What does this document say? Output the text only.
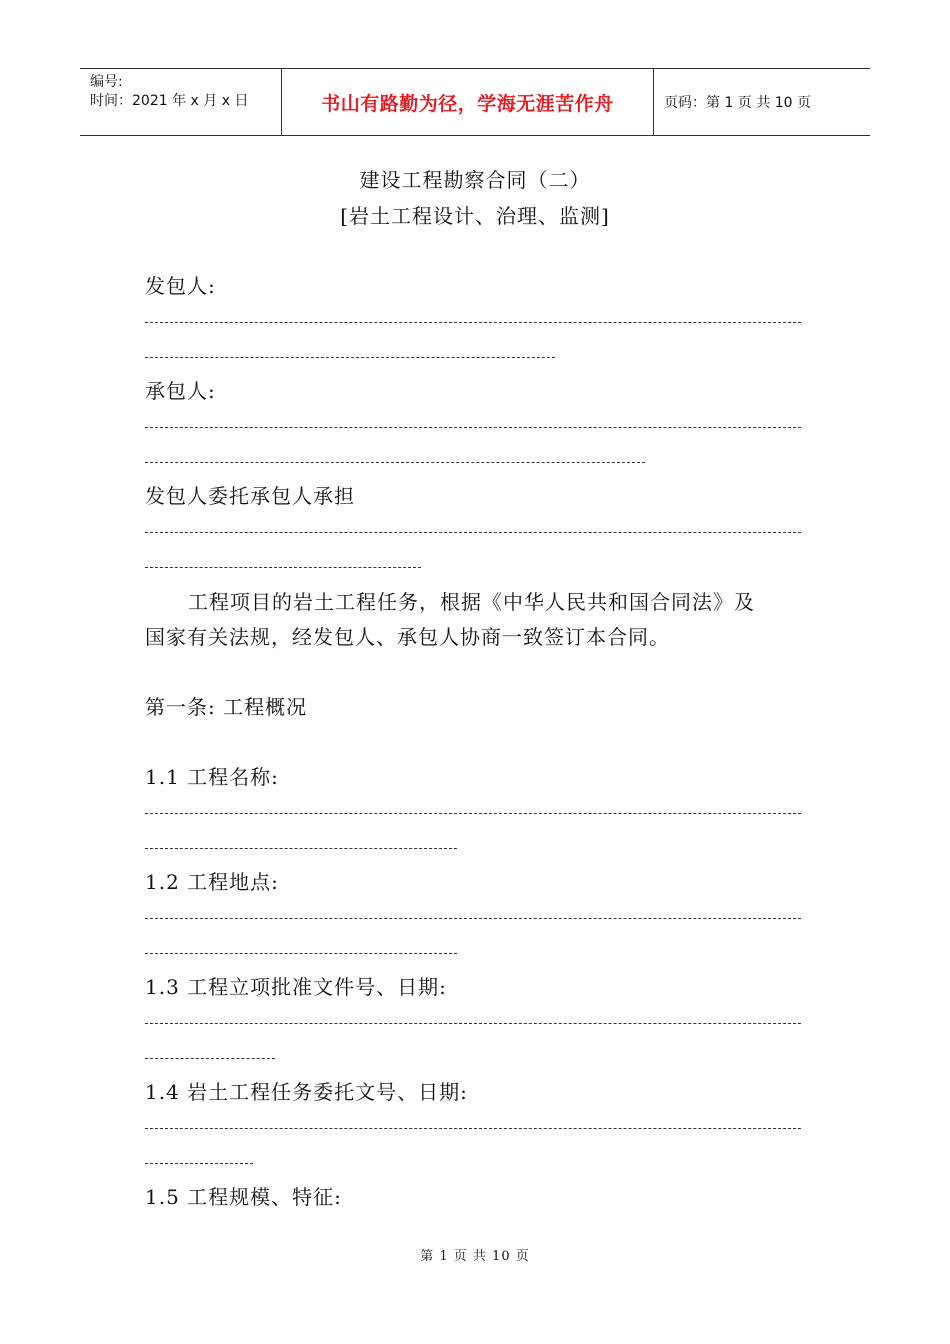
编号:
时间：2021 年 x 月 x 日	书山有路勤为径，学海无涯苦作舟	页码：第 1 页 共 10 页
建设工程勘察合同（二）
[岩土工程设计、治理、监测]
发包人:
承包人:
发包人委托承包人承担
工程项目的岩土工程任务，根据《中华人民共和国合同法》及
国家有关法规，经发包人、承包人协商一致签订本合同。
第一条: 工程概况
1.1 工程名称:
1.2 工程地点:
1.3 工程立项批准文件号、日期:
1.4 岩土工程任务委托文号、日期:
1.5 工程规模、特征:
第 1 页 共 10 页
